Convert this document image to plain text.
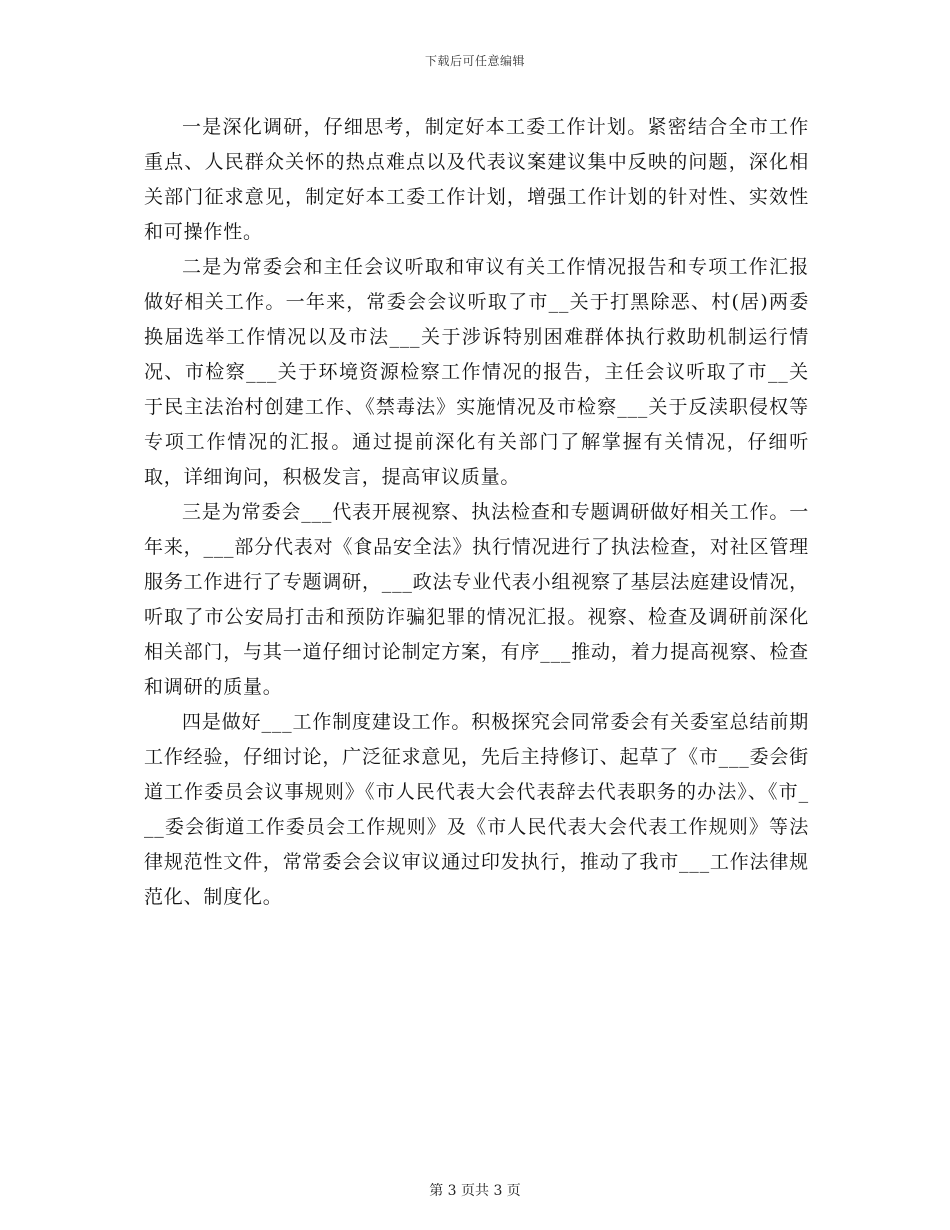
下载后可任意编辑

一是深化调研，仔细思考，制定好本工委工作计划。紧密结合全市工作重点、人民群众关怀的热点难点以及代表议案建议集中反映的问题，深化相关部门征求意见，制定好本工委工作计划，增强工作计划的针对性、实效性和可操作性。

二是为常委会和主任会议听取和审议有关工作情况报告和专项工作汇报做好相关工作。一年来，常委会会议听取了市__关于打黑除恶、村(居)两委换届选举工作情况以及市法___关于涉诉特别困难群体执行救助机制运行情况、市检察___关于环境资源检察工作情况的报告，主任会议听取了市__关于民主法治村创建工作、《禁毒法》实施情况及市检察___关于反渎职侵权等专项工作情况的汇报。通过提前深化有关部门了解掌握有关情况，仔细听取，详细询问，积极发言，提高审议质量。

三是为常委会___代表开展视察、执法检查和专题调研做好相关工作。一年来，___部分代表对《食品安全法》执行情况进行了执法检查，对社区管理服务工作进行了专题调研，___政法专业代表小组视察了基层法庭建设情况，听取了市公安局打击和预防诈骗犯罪的情况汇报。视察、检查及调研前深化相关部门，与其一道仔细讨论制定方案，有序___推动，着力提高视察、检查和调研的质量。

四是做好___工作制度建设工作。积极探究会同常委会有关委室总结前期工作经验，仔细讨论，广泛征求意见，先后主持修订、起草了《市___委会街道工作委员会议事规则》《市人民代表大会代表辞去代表职务的办法》、《市___委会街道工作委员会工作规则》及《市人民代表大会代表工作规则》等法律规范性文件，常常委会会议审议通过印发执行，推动了我市___工作法律规范化、制度化。

第 3 页共 3 页
